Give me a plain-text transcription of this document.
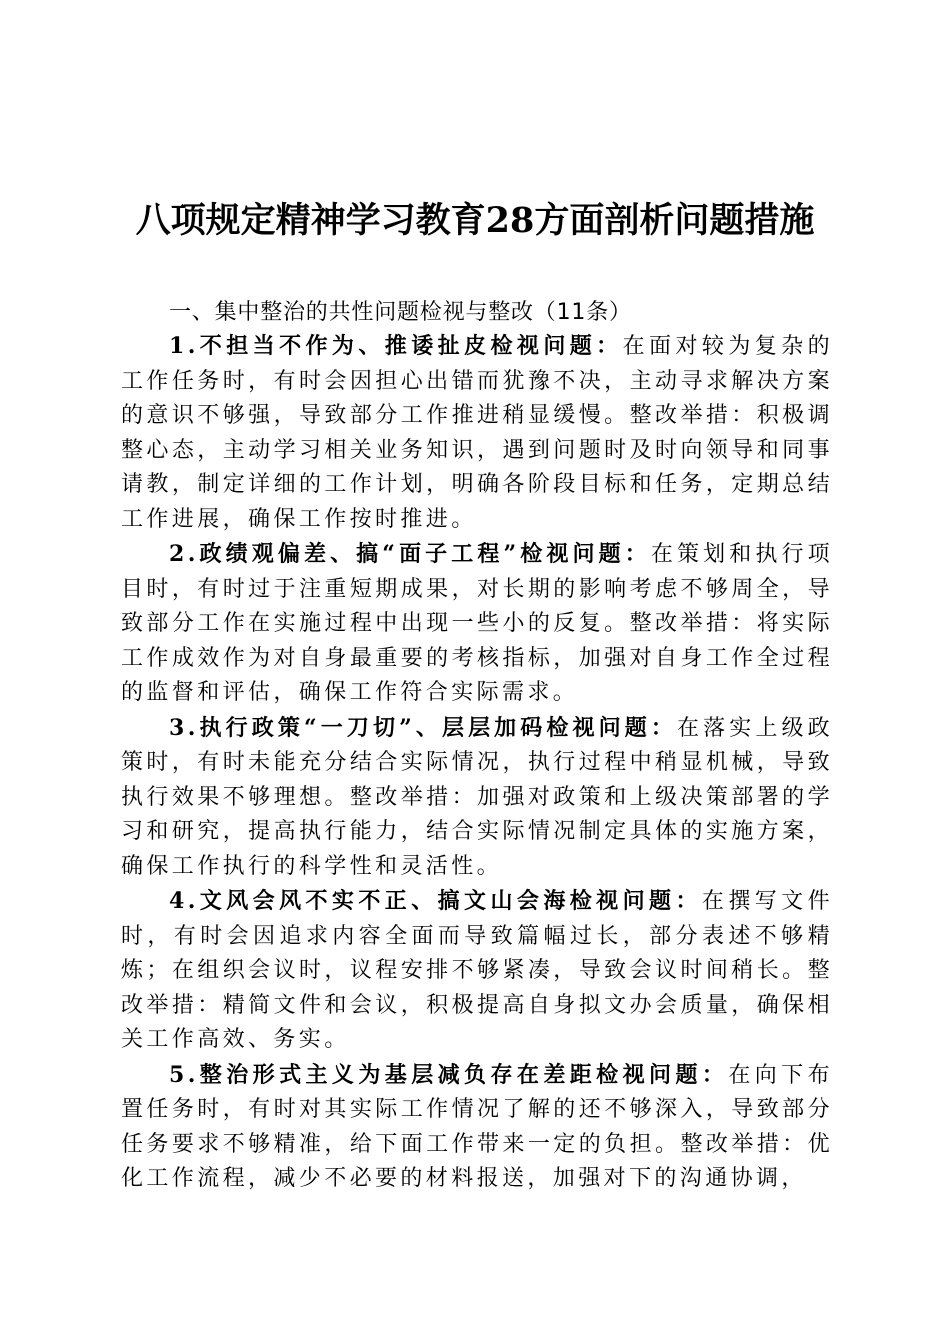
八项规定精神学习教育28方面剖析问题措施

一、集中整治的共性问题检视与整改（11条）

1.不担当不作为、推诿扯皮检视问题：在面对较为复杂的工作任务时，有时会因担心出错而犹豫不决，主动寻求解决方案的意识不够强，导致部分工作推进稍显缓慢。整改举措：积极调整心态，主动学习相关业务知识，遇到问题时及时向领导和同事请教，制定详细的工作计划，明确各阶段目标和任务，定期总结工作进展，确保工作按时推进。

2.政绩观偏差、搞“面子工程”检视问题：在策划和执行项目时，有时过于注重短期成果，对长期的影响考虑不够周全，导致部分工作在实施过程中出现一些小的反复。整改举措：将实际工作成效作为对自身最重要的考核指标，加强对自身工作全过程的监督和评估，确保工作符合实际需求。

3.执行政策“一刀切”、层层加码检视问题：在落实上级政策时，有时未能充分结合实际情况，执行过程中稍显机械，导致执行效果不够理想。整改举措：加强对政策和上级决策部署的学习和研究，提高执行能力，结合实际情况制定具体的实施方案，确保工作执行的科学性和灵活性。

4.文风会风不实不正、搞文山会海检视问题：在撰写文件时，有时会因追求内容全面而导致篇幅过长，部分表述不够精炼；在组织会议时，议程安排不够紧凑，导致会议时间稍长。整改举措：精简文件和会议，积极提高自身拟文办会质量，确保相关工作高效、务实。

5.整治形式主义为基层减负存在差距检视问题：在向下布置任务时，有时对其实际工作情况了解的还不够深入，导致部分任务要求不够精准，给下面工作带来一定的负担。整改举措：优化工作流程，减少不必要的材料报送，加强对下的沟通协调，
